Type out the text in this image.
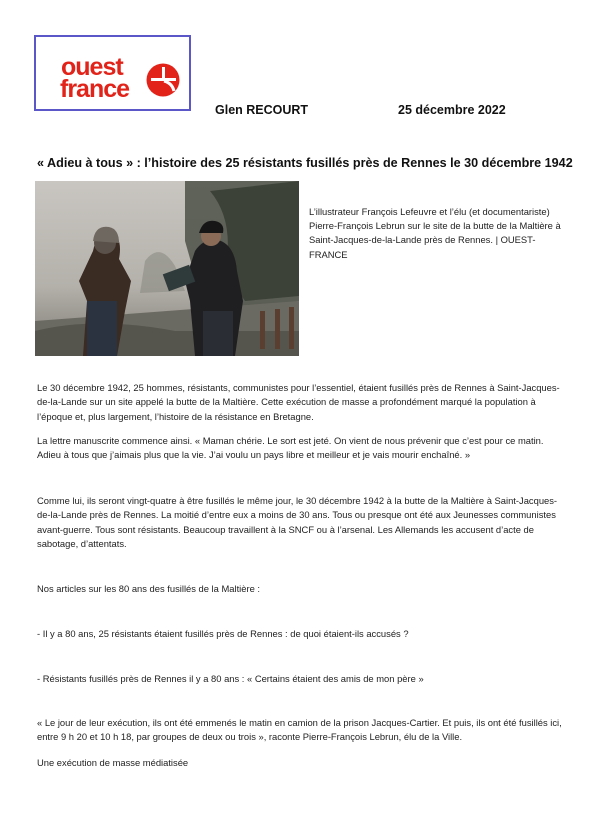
ouest
france
Glen RECOURT	25 décembre 2022
« Adieu à tous » : l’histoire des 25 résistants fusillés près de Rennes le 30 décembre 1942
L’illustrateur François Lefeuvre et l’élu (et documentariste) Pierre-François Lebrun sur le site de la butte de la Maltière à Saint-Jacques-de-la-Lande près de Rennes. | OUEST-FRANCE

Le 30 décembre 1942, 25 hommes, résistants, communistes pour l’essentiel, étaient fusillés près de Rennes à Saint-Jacques-de-la-Lande sur un site appelé la butte de la Maltière. Cette exécution de masse a profondément marqué la population à l’époque et, plus largement, l’histoire de la résistance en Bretagne.

La lettre manuscrite commence ainsi. « Maman chérie. Le sort est jeté. On vient de nous prévenir que c’est pour ce matin. Adieu à tous que j’aimais plus que la vie. J’ai voulu un pays libre et meilleur et je vais mourir enchaîné. »

Comme lui, ils seront vingt-quatre à être fusillés le même jour, le 30 décembre 1942 à la butte de la Maltière à Saint-Jacques-de-la-Lande près de Rennes. La moitié d’entre eux a moins de 30 ans. Tous ou presque ont été aux Jeunesses communistes avant-guerre. Tous sont résistants. Beaucoup travaillent à la SNCF ou à l’arsenal. Les Allemands les accusent d’acte de sabotage, d’attentats.

Nos articles sur les 80 ans des fusillés de la Maltière :

- Il y a 80 ans, 25 résistants étaient fusillés près de Rennes : de quoi étaient-ils accusés ?

- Résistants fusillés près de Rennes il y a 80 ans : « Certains étaient des amis de mon père »

« Le jour de leur exécution, ils ont été emmenés le matin en camion de la prison Jacques-Cartier. Et puis, ils ont été fusillés ici, entre 9 h 20 et 10 h 18, par groupes de deux ou trois », raconte Pierre-François Lebrun, élu de la Ville.

Une exécution de masse médiatisée
